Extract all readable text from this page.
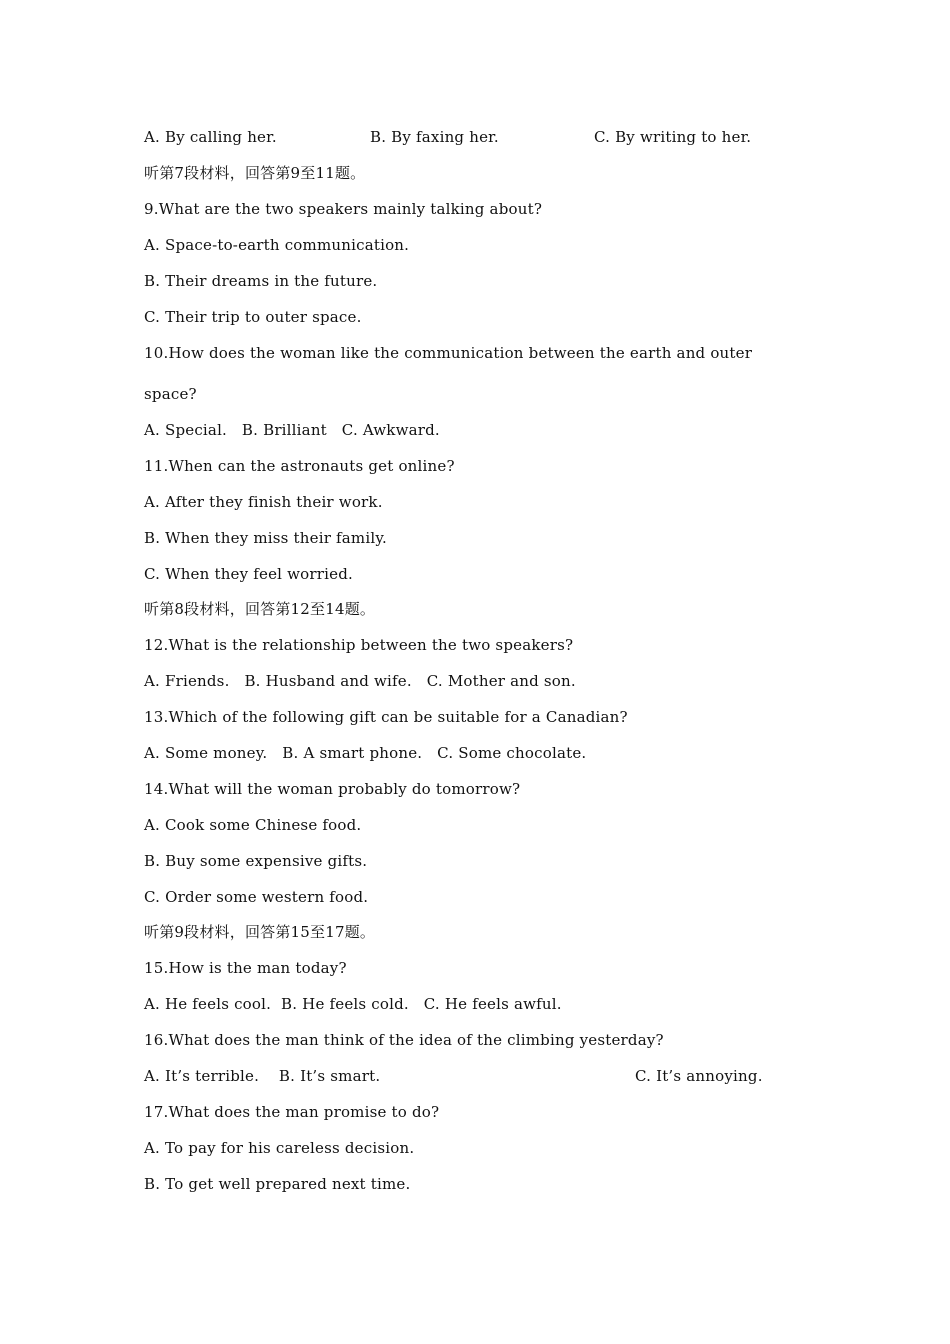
A. By calling her.	B. By faxing her.	C. By writing to her.
听第7段材料，回答第9至11题。
9.What are the two speakers mainly talking about?
A. Space-to-earth communication.
B. Their dreams in the future.
C. Their trip to outer space.
10.How does the woman like the communication between the earth and outer
space?
A. Special.   B. Brilliant   C. Awkward.
11.When can the astronauts get online?
A. After they finish their work.
B. When they miss their family.
C. When they feel worried.
听第8段材料，回答第12至14题。
12.What is the relationship between the two speakers?
A. Friends.   B. Husband and wife.   C. Mother and son.
13.Which of the following gift can be suitable for a Canadian?
A. Some money.   B. A smart phone.   C. Some chocolate.
14.What will the woman probably do tomorrow?
A. Cook some Chinese food.
B. Buy some expensive gifts.
C. Order some western food.
听第9段材料，回答第15至17题。
15.How is the man today?
A. He feels cool.  B. He feels cold.   C. He feels awful.
16.What does the man think of the idea of the climbing yesterday?
A. It’s terrible.    B. It’s smart.	C. It’s annoying.
17.What does the man promise to do?
A. To pay for his careless decision.
B. To get well prepared next time.
